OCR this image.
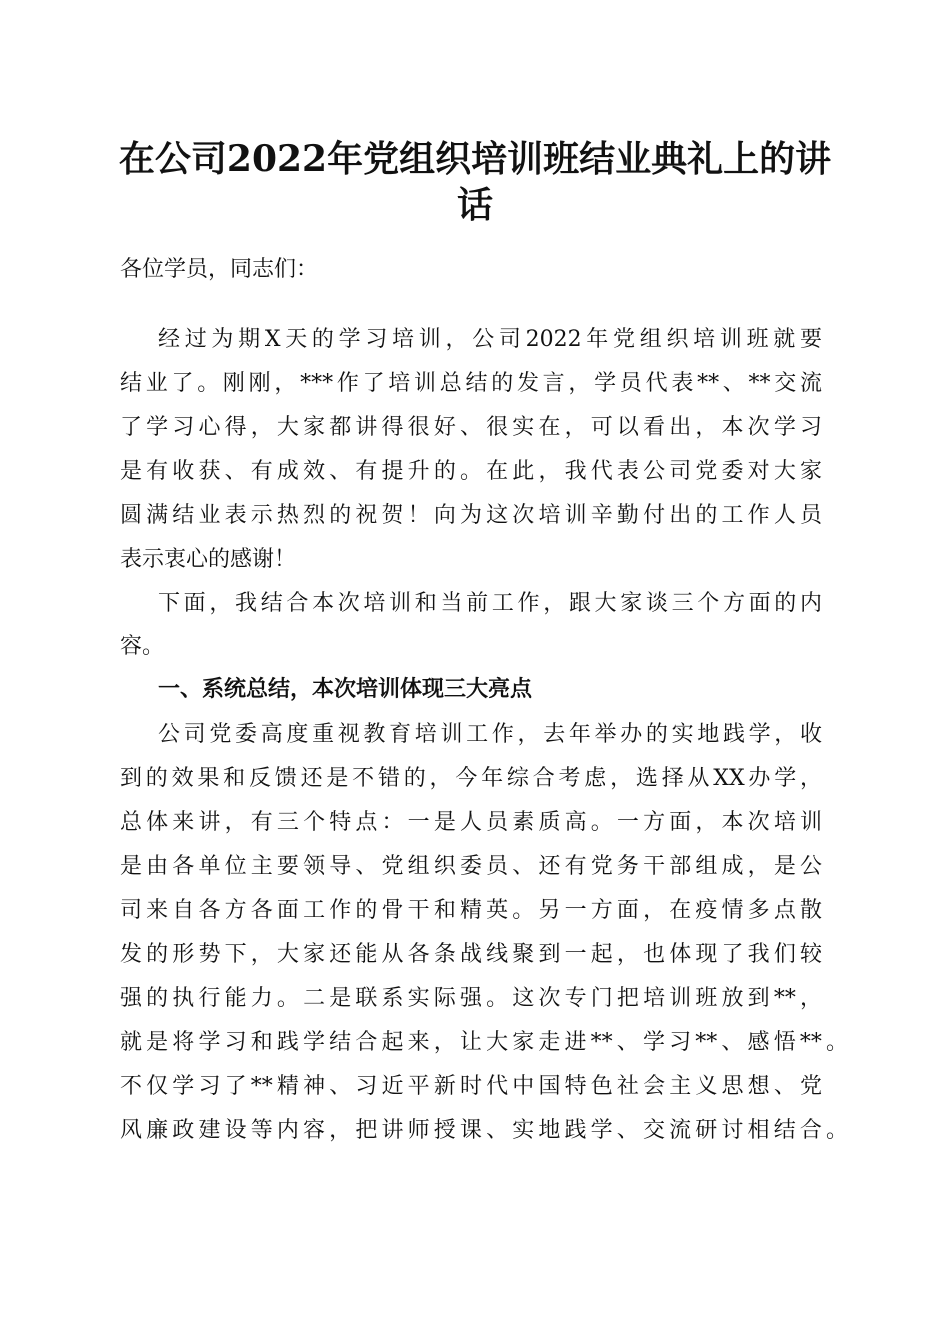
在公司2022年党组织培训班结业典礼上的讲
话
各位学员，同志们：
经过为期X天的学习培训，公司2022年党组织培训班就要
结业了。刚刚，***作了培训总结的发言，学员代表**、**交流
了学习心得，大家都讲得很好、很实在，可以看出，本次学习
是有收获、有成效、有提升的。在此，我代表公司党委对大家
圆满结业表示热烈的祝贺！向为这次培训辛勤付出的工作人员
表示衷心的感谢！
下面，我结合本次培训和当前工作，跟大家谈三个方面的内
容。
一、系统总结，本次培训体现三大亮点
公司党委高度重视教育培训工作，去年举办的实地践学，收
到的效果和反馈还是不错的，今年综合考虑，选择从XX办学，
总体来讲，有三个特点：一是人员素质高。一方面，本次培训
是由各单位主要领导、党组织委员、还有党务干部组成，是公
司来自各方各面工作的骨干和精英。另一方面，在疫情多点散
发的形势下，大家还能从各条战线聚到一起，也体现了我们较
强的执行能力。二是联系实际强。这次专门把培训班放到**，
就是将学习和践学结合起来，让大家走进**、学习**、感悟**。
不仅学习了**精神、习近平新时代中国特色社会主义思想、党
风廉政建设等内容，把讲师授课、实地践学、交流研讨相结合。
